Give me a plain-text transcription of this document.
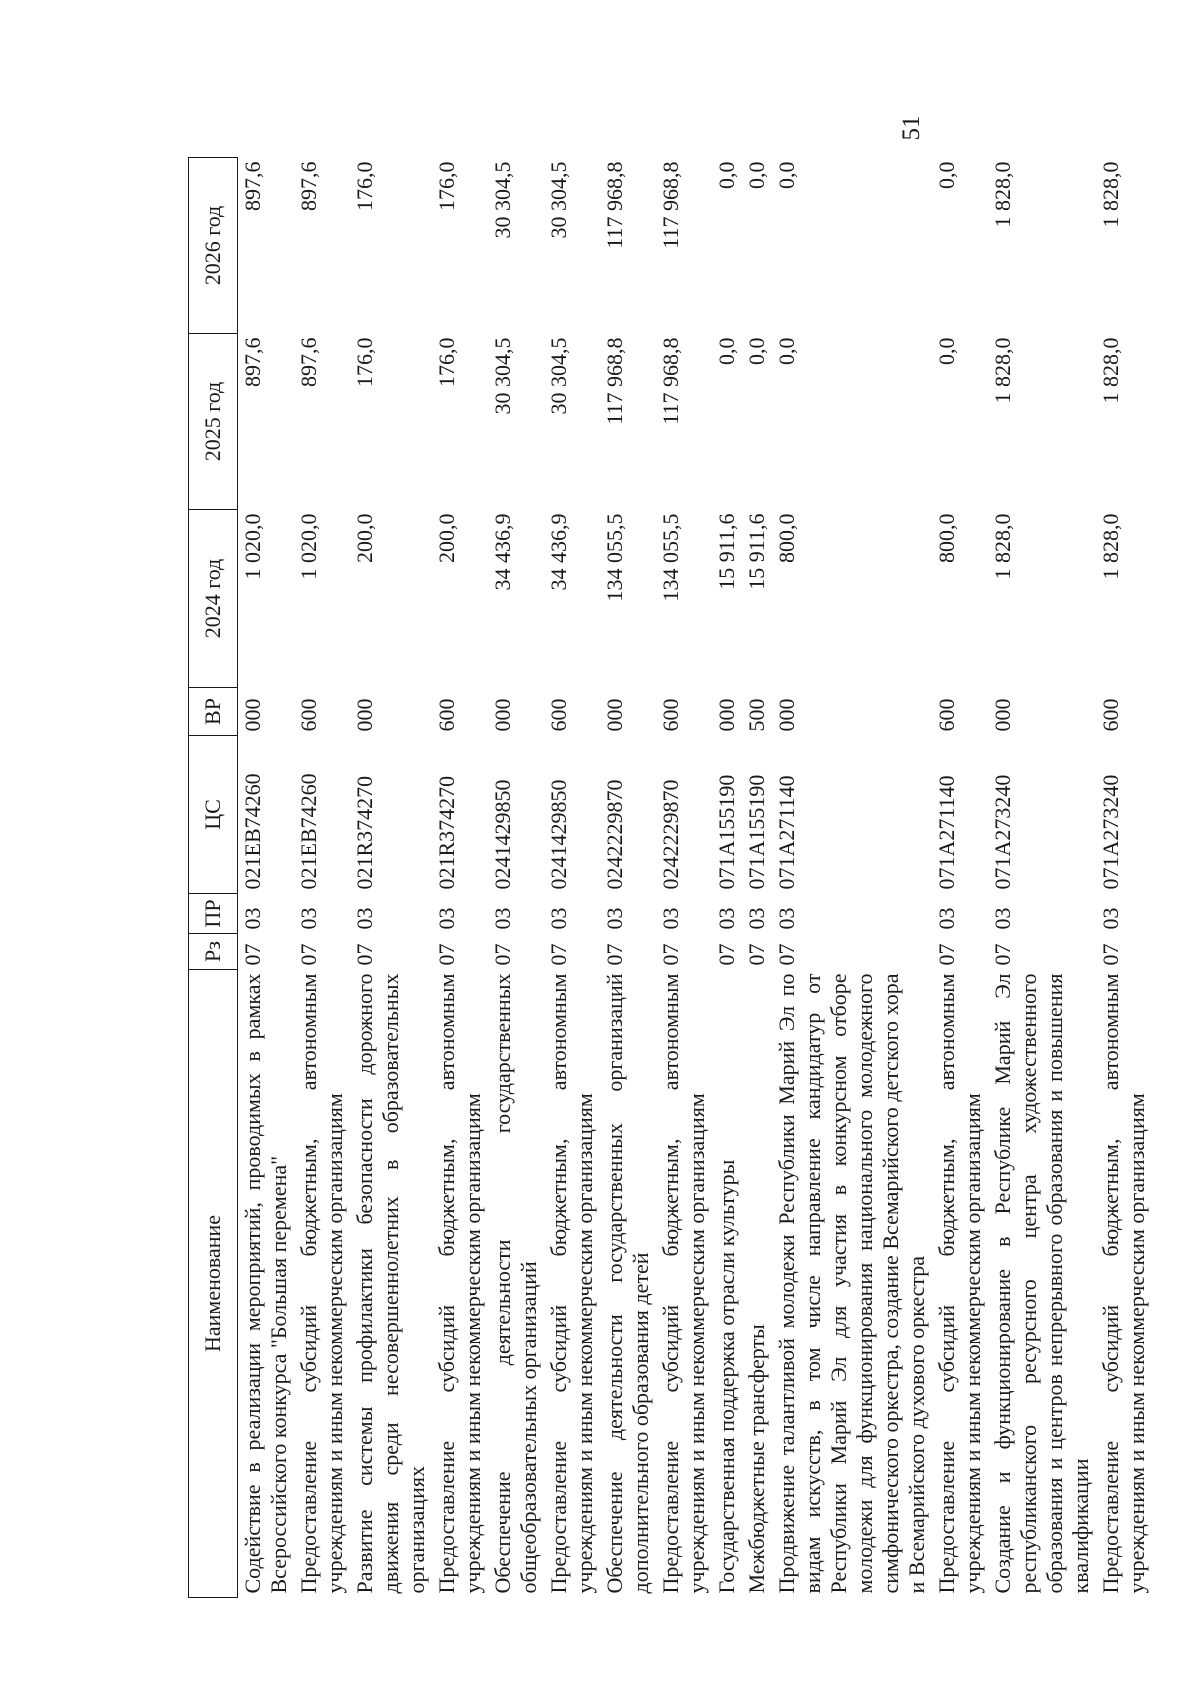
51
Наименование	Рз	ПР	ЦС	ВР	2024 год	2025 год	2026 год
Содействие в реализации мероприятий, проводимых в рамках Всероссийского конкурса "Большая перемена"	07	03	021EB74260	000	1 020,0	897,6	897,6
Предоставление субсидий бюджетным, автономным учреждениям и иным некоммерческим организациям	07	03	021EB74260	600	1 020,0	897,6	897,6
Развитие системы профилактики безопасности дорожного движения среди несовершеннолетних в образовательных организациях	07	03	021R374270	000	200,0	176,0	176,0
Предоставление субсидий бюджетным, автономным учреждениям и иным некоммерческим организациям	07	03	021R374270	600	200,0	176,0	176,0
Обеспечение деятельности государственных общеобразовательных организаций	07	03	0241429850	000	34 436,9	30 304,5	30 304,5
Предоставление субсидий бюджетным, автономным учреждениям и иным некоммерческим организациям	07	03	0241429850	600	34 436,9	30 304,5	30 304,5
Обеспечение деятельности государственных организаций дополнительного образования детей	07	03	0242229870	000	134 055,5	117 968,8	117 968,8
Предоставление субсидий бюджетным, автономным учреждениям и иным некоммерческим организациям	07	03	0242229870	600	134 055,5	117 968,8	117 968,8
Государственная поддержка отрасли культуры	07	03	071A155190	000	15 911,6	0,0	0,0
Межбюджетные трансферты	07	03	071A155190	500	15 911,6	0,0	0,0
Продвижение талантливой молодежи Республики Марий Эл по видам искусств, в том числе направление кандидатур от Республики Марий Эл для участия в конкурсном отборе молодежи для функционирования национального молодежного симфонического оркестра, создание Всемарийского детского хора и Всемарийского духового оркестра	07	03	071A271140	000	800,0	0,0	0,0
Предоставление субсидий бюджетным, автономным учреждениям и иным некоммерческим организациям	07	03	071A271140	600	800,0	0,0	0,0
Создание и функционирование в Республике Марий Эл республиканского ресурсного центра художественного образования и центров непрерывного образования и повышения квалификации	07	03	071A273240	000	1 828,0	1 828,0	1 828,0
Предоставление субсидий бюджетным, автономным учреждениям и иным некоммерческим организациям	07	03	071A273240	600	1 828,0	1 828,0	1 828,0
